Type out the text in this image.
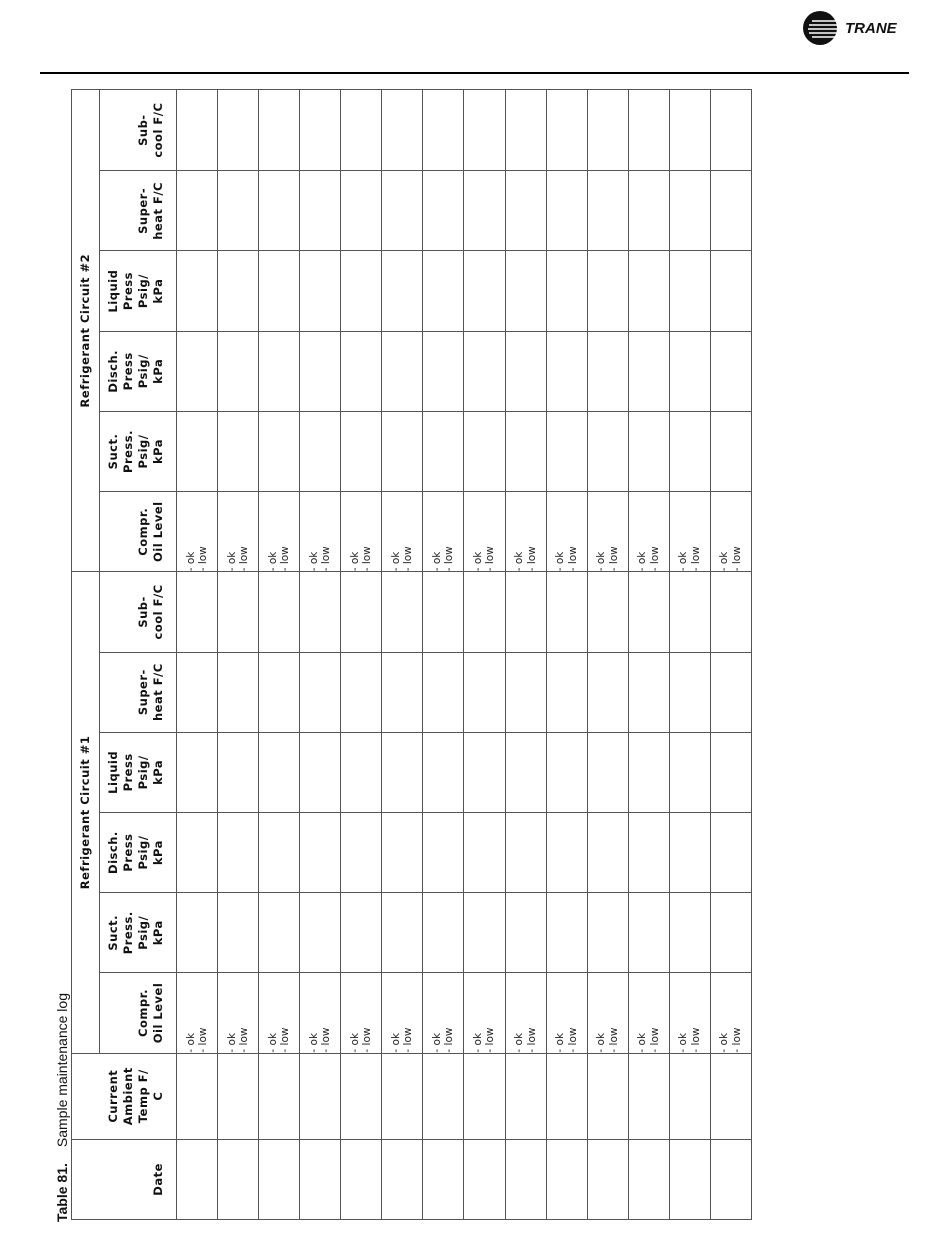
TRANE
Table 81.Sample maintenance log
Date	Current Ambient Temp F/ C	Refrigerant Circuit #1						Refrigerant Circuit #2					

		Compr. Oil Level	Suct. Press. Psig/ kPa	Disch. Press Psig/ kPa	Liquid Press Psig/ kPa	Super- heat F/C	Sub- cool F/C	Compr. Oil Level	Suct. Press. Psig/ kPa	Disch. Press Psig/ kPa	Liquid Press Psig/ kPa	Super- heat F/C	Sub- cool F/C

		- ok - low						- ok - low					

		- ok - low						- ok - low					

		- ok - low						- ok - low					

		- ok - low						- ok - low					

		- ok - low						- ok - low					

		- ok - low						- ok - low					

		- ok - low						- ok - low					

		- ok - low						- ok - low					

		- ok - low						- ok - low					

		- ok - low						- ok - low					

		- ok - low						- ok - low					

		- ok - low						- ok - low					

		- ok - low						- ok - low					

		- ok - low						- ok - low					
